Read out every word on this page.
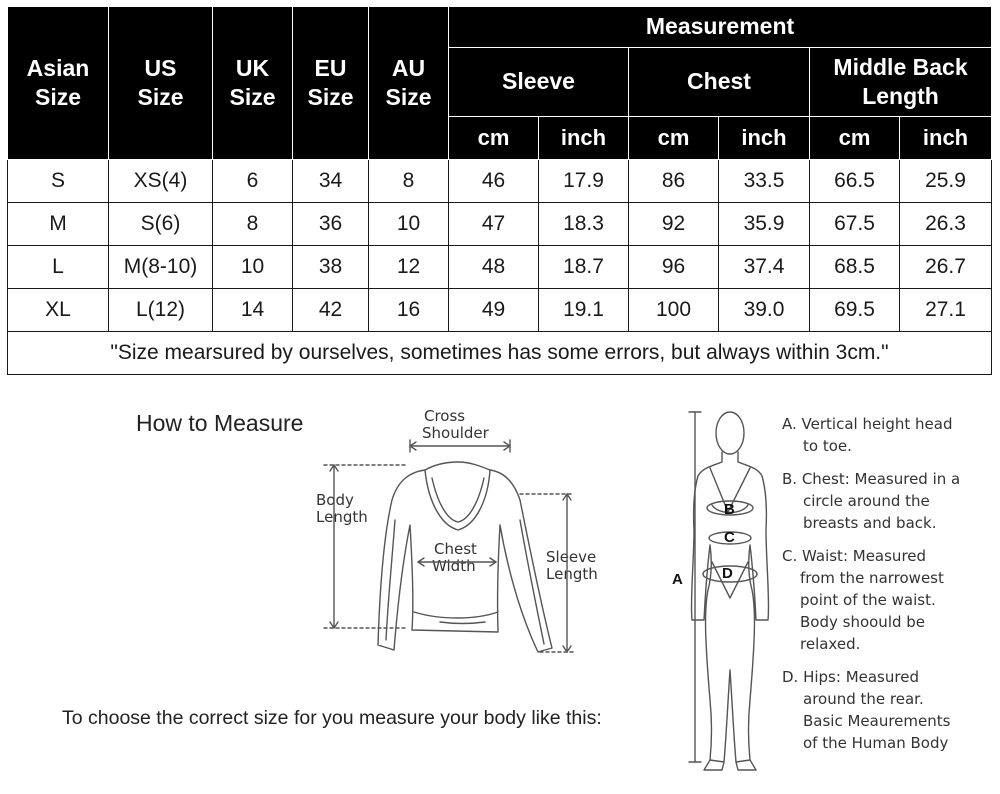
Asian Size	US Size	UK Size	EU Size	AU Size	Measurement					
					Sleeve		Chest		Middle Back Length	
					cm	inch	cm	inch	cm	inch
S	XS(4)	6	34	8	46	17.9	86	33.5	66.5	25.9
M	S(6)	8	36	10	47	18.3	92	35.9	67.5	26.3
L	M(8-10)	10	38	12	48	18.7	96	37.4	68.5	26.7
XL	L(12)	14	42	16	49	19.1	100	39.0	69.5	27.1
"Size mearsured by ourselves, sometimes has some errors, but always within 3cm."										
How to Measure	Cross
Shoulder
Body
Length
Chest
Width	Sleeve
Length
To choose the correct size for you measure your body like this:
B
C
D
A
A. Vertical height head
to toe.
B. Chest: Measured in a
circle around the
breasts and back.
C. Waist: Measured
from the narrowest
point of the waist.
Body shoould be
relaxed.
D. Hips: Measured
around the rear.
Basic Meaurements
of the Human Body
